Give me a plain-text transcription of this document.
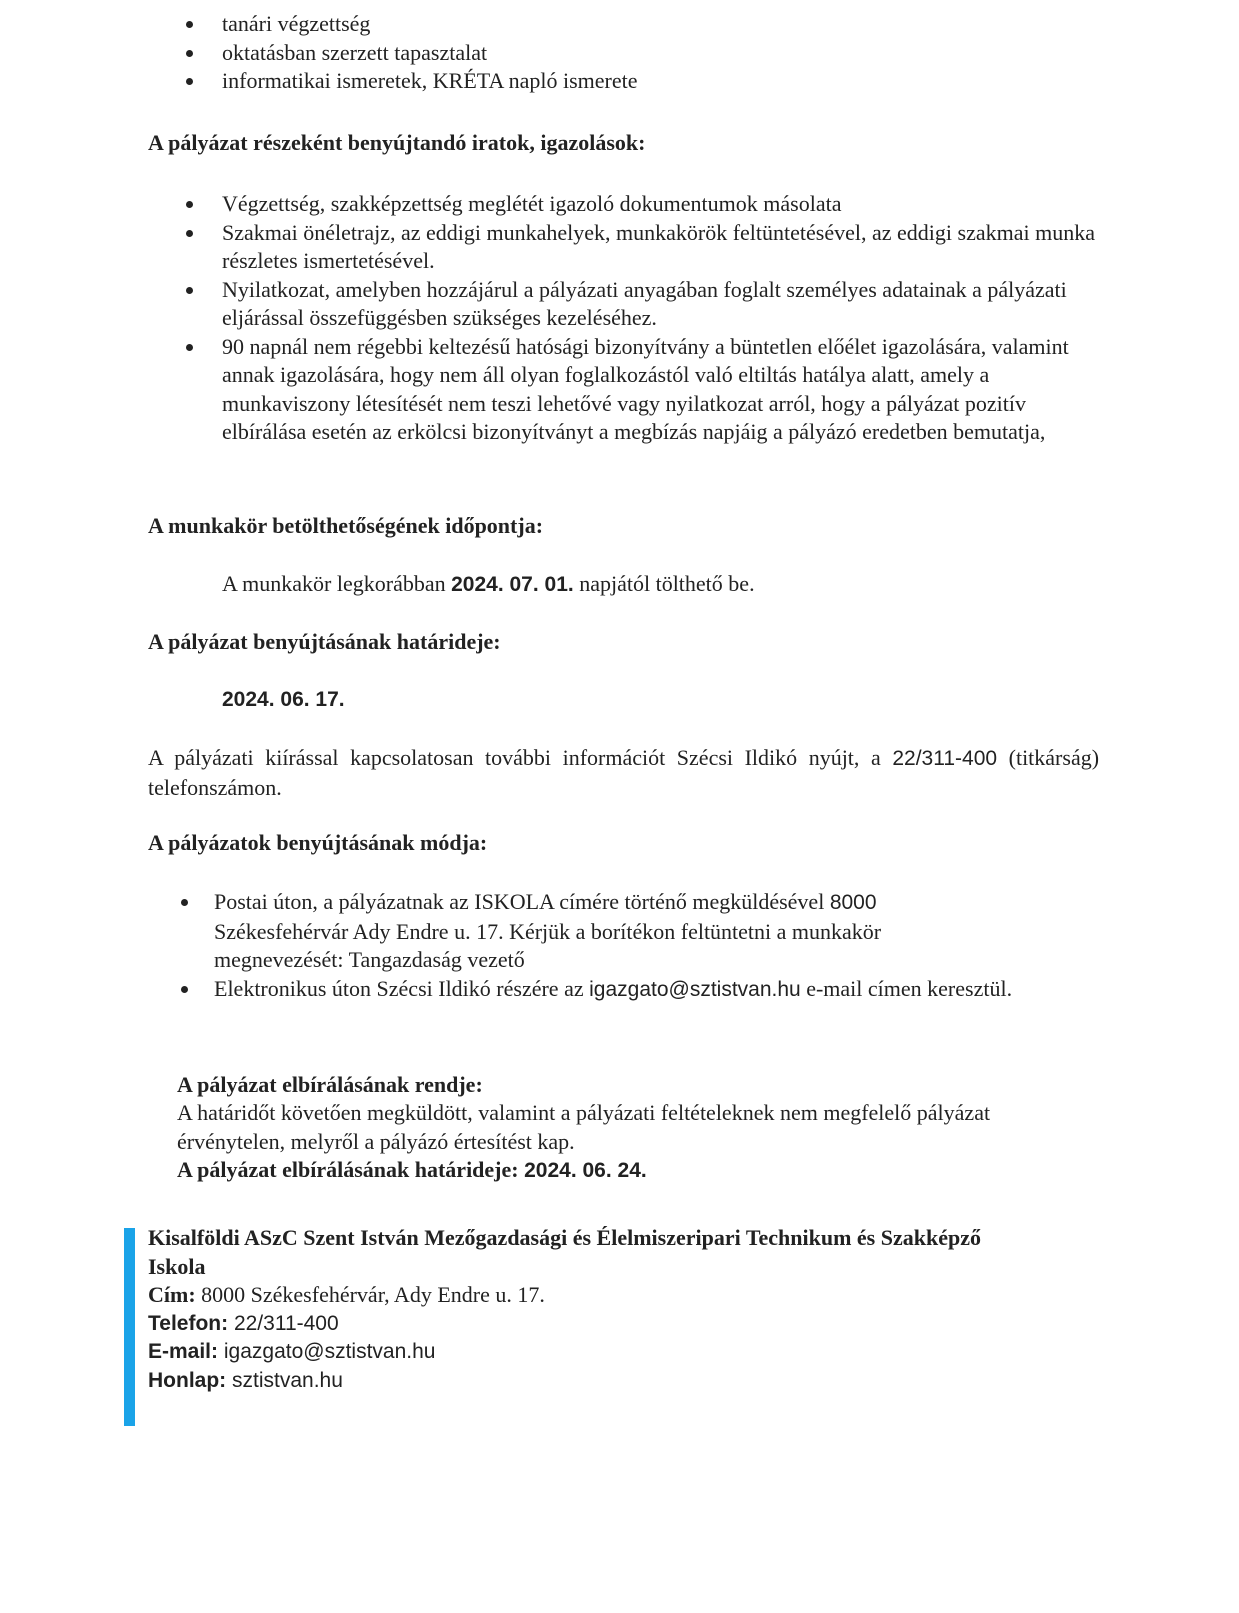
tanári végzettség
oktatásban szerzett tapasztalat
informatikai ismeretek, KRÉTA napló ismerete
A pályázat részeként benyújtandó iratok, igazolások:
Végzettség, szakképzettség meglétét igazoló dokumentumok másolata
Szakmai önéletrajz, az eddigi munkahelyek, munkakörök feltüntetésével, az eddigi szakmai munka részletes ismertetésével.
Nyilatkozat, amelyben hozzájárul a pályázati anyagában foglalt személyes adatainak a pályázati eljárással összefüggésben szükséges kezeléséhez.
90 napnál nem régebbi keltezésű hatósági bizonyítvány a büntetlen előélet igazolására, valamint annak igazolására, hogy nem áll olyan foglalkozástól való eltiltás hatálya alatt, amely a munkaviszony létesítését nem teszi lehetővé vagy nyilatkozat arról, hogy a pályázat pozitív elbírálása esetén az erkölcsi bizonyítványt a megbízás napjáig a pályázó eredetben bemutatja,
A munkakör betölthetőségének időpontja:
A munkakör legkorábban 2024. 07. 01. napjától tölthető be.
A pályázat benyújtásának határideje:
2024. 06. 17.
A pályázati kiírással kapcsolatosan további információt Szécsi Ildikó nyújt, a 22/311-400 (titkárság) telefonszámon.
A pályázatok benyújtásának módja:
Postai úton, a pályázatnak az ISKOLA címére történő megküldésével 8000 Székesfehérvár Ady Endre u. 17. Kérjük a borítékon feltüntetni a munkakör megnevezését: Tangazdaság vezető
Elektronikus úton Szécsi Ildikó részére az igazgato@sztistvan.hu e-mail címen keresztül.
A pályázat elbírálásának rendje:
A határidőt követően megküldött, valamint a pályázati feltételeknek nem megfelelő pályázat érvénytelen, melyről a pályázó értesítést kap.
A pályázat elbírálásának határideje: 2024. 06. 24.
Kisalföldi ASzC Szent István Mezőgazdasági és Élelmiszeripari Technikum és Szakképző Iskola
Cím: 8000 Székesfehérvár, Ady Endre u. 17.
Telefon: 22/311-400
E-mail: igazgato@sztistvan.hu
Honlap: sztistvan.hu
